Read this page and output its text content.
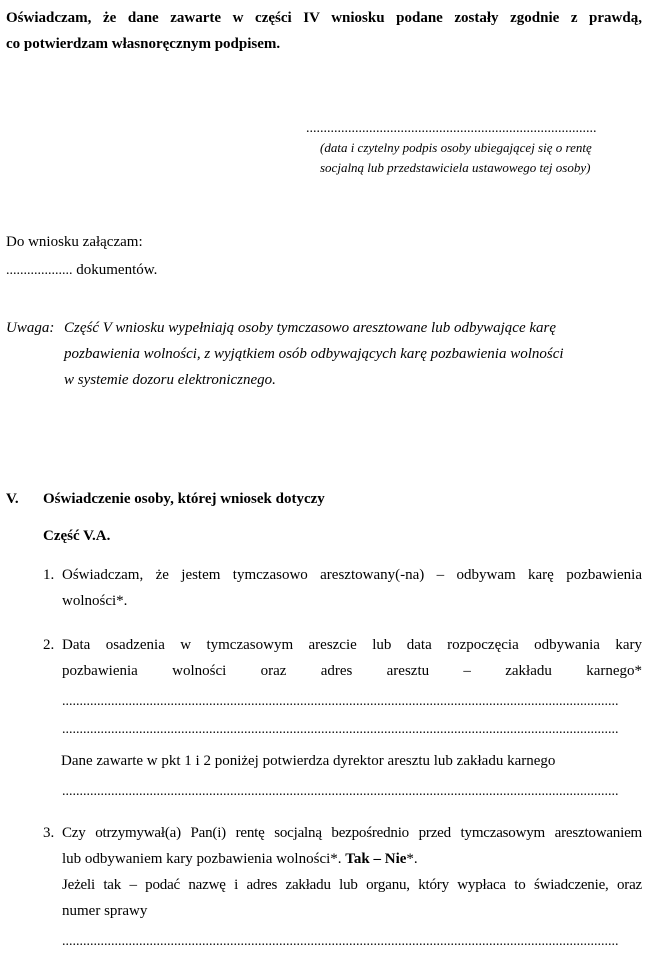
Oświadczam, że dane zawarte w części IV wniosku podane zostały zgodnie z prawdą,
co potwierdzam własnoręcznym podpisem.
...................................................................................
(data i czytelny podpis osoby ubiegającej się o rentę
socjalną lub przedstawiciela ustawowego tej osoby)
Do wniosku załączam:
................... dokumentów.
Uwaga: Część V wniosku wypełniają osoby tymczasowo aresztowane lub odbywające karę
pozbawienia wolności, z wyjątkiem osób odbywających karę pozbawienia wolności
w systemie dozoru elektronicznego.
V. Oświadczenie osoby, której wniosek dotyczy
Część V.A.
1. Oświadczam, że jestem tymczasowo aresztowany(-na) – odbywam karę pozbawienia
wolności*.
2. Data osadzenia w tymczasowym areszcie lub data rozpoczęcia odbywania kary
pozbawienia wolności oraz adres aresztu – zakładu karnego*
...............................................................................................................................................................
...............................................................................................................................................................
Dane zawarte w pkt 1 i 2 poniżej potwierdza dyrektor aresztu lub zakładu karnego
...............................................................................................................................................................
3. Czy otrzymywał(a) Pan(i) rentę socjalną bezpośrednio przed tymczasowym aresztowaniem
lub odbywaniem kary pozbawienia wolności*. Tak – Nie*.
Jeżeli tak – podać nazwę i adres zakładu lub organu, który wypłaca to świadczenie, oraz
numer sprawy
...............................................................................................................................................................
